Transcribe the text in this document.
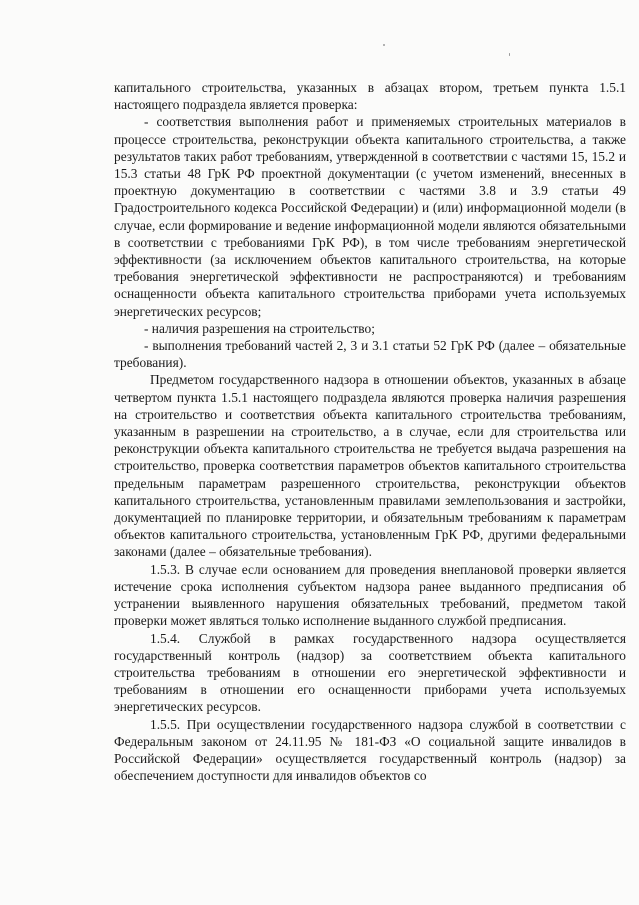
капитального строительства, указанных в абзацах втором, третьем пункта 1.5.1 настоящего подраздела является проверка:

- соответствия выполнения работ и применяемых строительных материалов в процессе строительства, реконструкции объекта капитального строительства, а также результатов таких работ требованиям, утвержденной в соответствии с частями 15, 15.2 и 15.3 статьи 48 ГрК РФ проектной документации (с учетом изменений, внесенных в проектную документацию в соответствии с частями 3.8 и 3.9 статьи 49 Градостроительного кодекса Российской Федерации) и (или) информационной модели (в случае, если формирование и ведение информационной модели являются обязательными в соответствии с требованиями ГрК РФ), в том числе требованиям энергетической эффективности (за исключением объектов капитального строительства, на которые требования энергетической эффективности не распространяются) и требованиям оснащенности объекта капитального строительства приборами учета используемых энергетических ресурсов;

- наличия разрешения на строительство;

- выполнения требований частей 2, 3 и 3.1 статьи 52 ГрК РФ (далее – обязательные требования).

Предметом государственного надзора в отношении объектов, указанных в абзаце четвертом пункта 1.5.1 настоящего подраздела являются проверка наличия разрешения на строительство и соответствия объекта капитального строительства требованиям, указанным в разрешении на строительство, а в случае, если для строительства или реконструкции объекта капитального строительства не требуется выдача разрешения на строительство, проверка соответствия параметров объектов капитального строительства предельным параметрам разрешенного строительства, реконструкции объектов капитального строительства, установленным правилами землепользования и застройки, документацией по планировке территории, и обязательным требованиям к параметрам объектов капитального строительства, установленным ГрК РФ, другими федеральными законами (далее – обязательные требования).

1.5.3. В случае если основанием для проведения внеплановой проверки является истечение срока исполнения субъектом надзора ранее выданного предписания об устранении выявленного нарушения обязательных требований, предметом такой проверки может являться только исполнение выданного службой предписания.

1.5.4. Службой в рамках государственного надзора осуществляется государственный контроль (надзор) за соответствием объекта капитального строительства требованиям в отношении его энергетической эффективности и требованиям в отношении его оснащенности приборами учета используемых энергетических ресурсов.

1.5.5. При осуществлении государственного надзора службой в соответствии с Федеральным законом от 24.11.95 № 181-ФЗ «О социальной защите инвалидов в Российской Федерации» осуществляется государственный контроль (надзор) за обеспечением доступности для инвалидов объектов со
